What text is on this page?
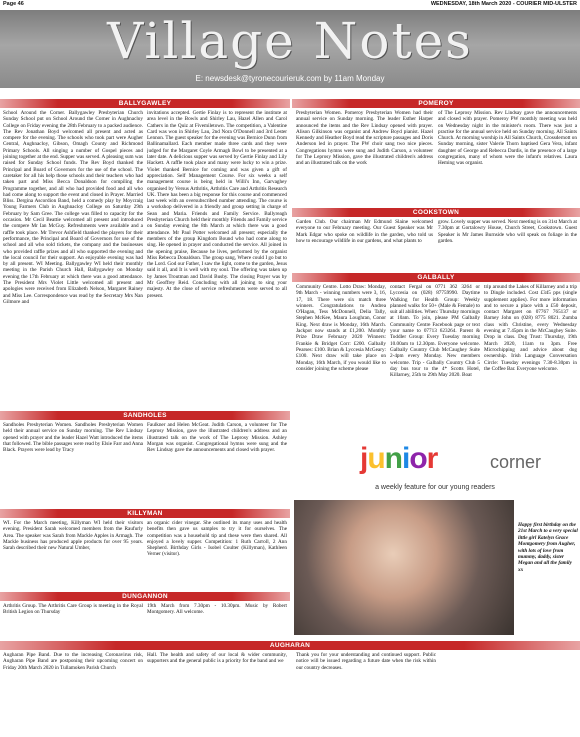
Page 46	WEDNESDAY, 18th March 2020 - COURIER MID-ULSTER
Village Notes
E: newsdesk@tyronecourieruk.com by 11am Monday
BALLYGAWLEY
School Around the Corner. Ballygawley Presbyterian Church Sunday School put on School Around the Corner in Aughnacloy College on Friday evening the 28th February to a packed audience. The Rev Jonathan Boyd welcomed all present and acted as compere for the evening. The schools who took part were Augher Central, Aughnacloy, Gibson, Omagh County and Richmond Primary Schools. All singing a number of Gospel pieces and joining together at the end. Supper was served. A pleasing sum was raised for Sunday School funds. The Rev Boyd thanked the Principal and Board of Governors for the use of the school. The caretaker for all his help those schools and their teachers who had taken part and Miss Becca Donaldson for compiling the Programme together, and all who had provided food and all who had come along to support the event and closed in Prayer. Married Bliss. Dergina Ascordion Band, held a comedy play by Moycraig Young Farmers Club in Aughnacloy College on Saturday 29th February by Sam Gree. The college was filled to capacity for the occasion. Mr Cecil Beattie welcomed all present and introduced the compere Mr Ian McGuy. Refreshments were available and a raffle took place. Mr Trevor Ashfield thanked the players for their performance, the Principal and Board of Governors for use of the school and all who sold tickets, the company and the businesses who provided raffle prizes and all who supported the evening and the local council for their support. An enjoyable evening was had by all present. WI Meeting. Ballygawley WI held their monthly meeting in the Parish Church Hall, Ballygawley on Monday evening the 17th February at which there was a good attendance. The President Mrs Violet Little welcomed all present and apologies were received from Elizabeth Nelson, Margaret Rainey and Miss Lee. Correspondence was read by the Secretary Mrs Nan Gilmore and
invitations accepted. Gertie Finlay is to represent the institute at area level in the Bowls and Shirley Lau, Hazel Allen and Carol Cathers in the Quiz at Fivemiletown. The competition, a Valentine Card was won in Shirley Lau, 2nd Nora O'Donnell and 3rd Lester Lennon. The guest speaker for the evening was Bernice Dunn from Ballinamallard. Each member made three cards and they were judged for the Margaret Coyle Armagh Bowl to be presented at a later date. A delicious supper was served by Gertie Finlay and Lily Hackett. A raffle took place and many were lucky to win a prize. Violet thanked Bernice for coming and was given a gift of appreciation. Self Management Course. For six weeks a self management course is being held in Willi's Inn, Garvaghey organised by Versus Arthritis, Arthritis Care and Arthritis Research UK. There has been a big response for this course and commenced last week with an oversubscribed number attending. The course is a workshop delivered in a friendly and group setting in charge of Sean and Maria. Friends and Family Service. Ballyreagh Presbyterian Church held their monthly Friends and Family service on Sunday evening the 8th March at which there was a good attendance. Mr Paul Potter welcomed all present; especially the members of the group Kingdom Bound who had come along to sing. He opened in prayer and conducted the service. All joined in the opening praise, Because he lives, performed by the organist Miss Rebecca Donaldson. The group sang, Where could I go but to the Lord. God our Father, I saw the light, come to the garden, Jesus said it all, and It is well with my soul. The offering was taken up by James Troutman and David Busby. The closing Prayer was by Mr Geoffrey Reid. Concluding with all joining to sing your majesty. At the close of service refreshments were served to all present.
POMEROY
Presbyterian Women. Pomeroy Presbyterian Women had their annual service on Sunday morning. The leader Esther Harper announced the items and the Rev Lindsay opened with prayer. Alison Gilkinson was organist and Andrew Boyd pianist. Hazel Kennedy and Heather Boyd read the scripture passages and Doris Anderson led in prayer. The PW choir sang two nice pieces. Congregations hymns were sung and Judith Carson, a volunteer for The Leprosy Mission, gave the illustrated children's address and an illustrated talk on the work
of The Leprosy Mission. Rev Lindsay gave the announcements and closed with prayer. Pomeroy PW monthly meeting was held on Wednesday night in the minister's room. There was just a practise for the annual service held on Sunday morning. All Saints Church. At morning worship in All Saints Church, Crossdernott on Sunday morning, sister Valerie Thorn baptised Gera Vera, infant daughter of George and Rebecca Dardis, in the presence of a large congregation, many of whom were the infant's relatives. Laura Heming was organist.
COOKSTOWN
Garden Club. Our chairman Mr Edmund Slaine welcomed everyone to our February meeting. Our Guest Speaker was Mr Mark Edgar who spoke on wildlife in the garden, who told us how to encourage wildlife in our gardens, and what plants to
grow. Lovely supper was served. Next meeting is on 31st March at 7.30pm at Gortalowry House, Church Street, Cookstown. Guest Speaker is Mr James Burnside who will speak on foliage in the garden.
GALBALLY
Community Centre. Lotto Draw: Monday, 9th March - winning numbers were 3, 16, 17, 18. There were six match three winners. Congratulations to Andrea O'Hagan, Tess McDonnell, Delia Tally, Stephen McKee, Maura Loughran, Conor King. Next draw is Monday, 16th March. Jackpot now stands at £1,200. Monthly Prize Draw February 2020 Winners: Frankie & Bridget Corr: £200. Galbally Pearses: £100. Brian & Lyccesia McGeary: £100. Next draw will take place on Monday, 16th March, if you would like to consider joining the scheme please
contact Fergal on 0771 362 3264 or Lyccesia on (028) 87759990. Daytime Walking for Health Group: Weekly planned walks for 50+ (Male & Female) to suit all abilities. When: Thursday mornings at 10am. To join, please PM Galbally Community Centre Facebook page or text your name to 07713 623264. Parent & Toddler Group: Every Tuesday morning 10.00am to 12.30pm. Everyone welcome. Galbally Country Club McCaughey Suite 2-4pm every Monday. New members welcome. Trip - Galbally Country Club 5 day bus tour to the 4* Scotts Hotel, Killarney, 25th to 29th May 2020. Boat
trip around the Lakes of Killarney and a trip to Dingle included. Cost £345 pps (single supplement applies). For more information and to secure a place with a £50 deposit, contact Margaret on 07767 765137 or Barney John on (028) 8775 8021. Zumba class with Christine, every Wednesday evening at 7.45pm in the McCaughey Suite. Drop in class. Dog Trust: Thursday, 19th March 2020, 11am to 3pm. Free Microchipping and advice about dog ownership. Irish Language Conversation Circle: Tuesday evenings 7.30-8.30pm in the Coffee Bar. Everyone welcome.
SANDHOLES
Sandholes Presbyterian Women. Sandholes Presbyterian Women held their annual service on Sunday morning. The Rev Lindsay opened with prayer and the leader Hazel Watt introduced the items that followed. The bible passages were read by Elsie Farr and Anna Black. Prayers were lead by Tracy
Faulkner and Helen McGeat. Judith Carson, a volunteer for The Leprosy Mission, gave the illustrated children's address and an illustrated talk on the work of The Leprosy Mission. Ashley Morgan was organist. Congregational hymns were sung and the Rev Lindsay gave the announcements and closed with prayer.
KILLYMAN
WI. For the March meeting, Killyman WI held their visitors evening. President Sarah welcomed members from the Raufurly Area. The speaker was Sarah from Mackle Apples in Armagh. The Mackle business has produced apple products for over 95 years. Sarah described their new Natural Umber,
an organic cider vinegar. She outlined its many uses and health benefits then gave us samples to try it for ourselves. The competition was a household tip and these were then shared. All enjoyed a lovely supper. Competition: 1 Ruth Carroll, 2 Ann Shepherd. Birthday Girls - Isobel Coulter (Killyman), Kathleen Verner (visitor).
DUNGANNON
Arthritis Group. The Arthritis Care Group is meeting in the Royal British Legion on Thursday
19th March from 7.30pm - 10.30pm. Music by Robert Montgomery. All welcome.
AUGHARAN
Augharan Pipe Band. Due to the increasing Coronavirus risk, Augharan Pipe Band are postponing their upcoming concert on Friday 20th March 2020 in Tullamoken Parish Church
Hall. The health and safety of our local & wider community, supporters and the general public is a priority for the band and we
Thank you for your understanding and continued support. Public notice will be issued regarding a future date when the risk within our country decreases.
junior	corner
a weekly feature for our young readers
Happy first birthday on the 21st March to a very special little girl Katelyn Grace Montgomery from Augher, with lots of love from mummy, daddy, sister Megan and all the family xx
